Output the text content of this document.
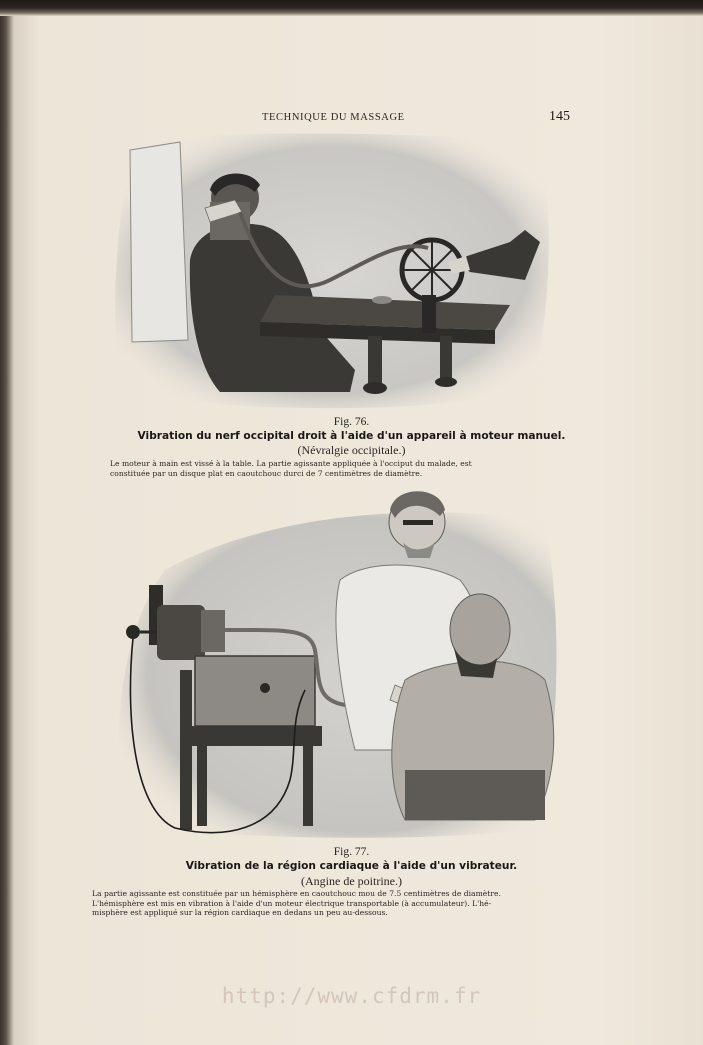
TECHNIQUE DU MASSAGE	145
Fig. 76.
Vibration du nerf occipital droit à l'aide d'un appareil à moteur manuel.
(Névralgie occipitale.)
Le moteur à main est vissé à la table. La partie agissante appliquée à l'occiput du malade, est
constituée par un disque plat en caoutchouc durci de 7 centimètres de diamètre.
Fig. 77.
Vibration de la région cardiaque à l'aide d'un vibrateur.
(Angine de poitrine.)
La partie agissante est constituée par un hémisphère en caoutchouc mou de 7.5 centimètres de diamètre.
L'hémisphère est mis en vibration à l'aide d'un moteur électrique transportable (à accumulateur). L'hé-
misphère est appliqué sur la région cardiaque en dedans un peu au-dessous.
http://www.cfdrm.fr
